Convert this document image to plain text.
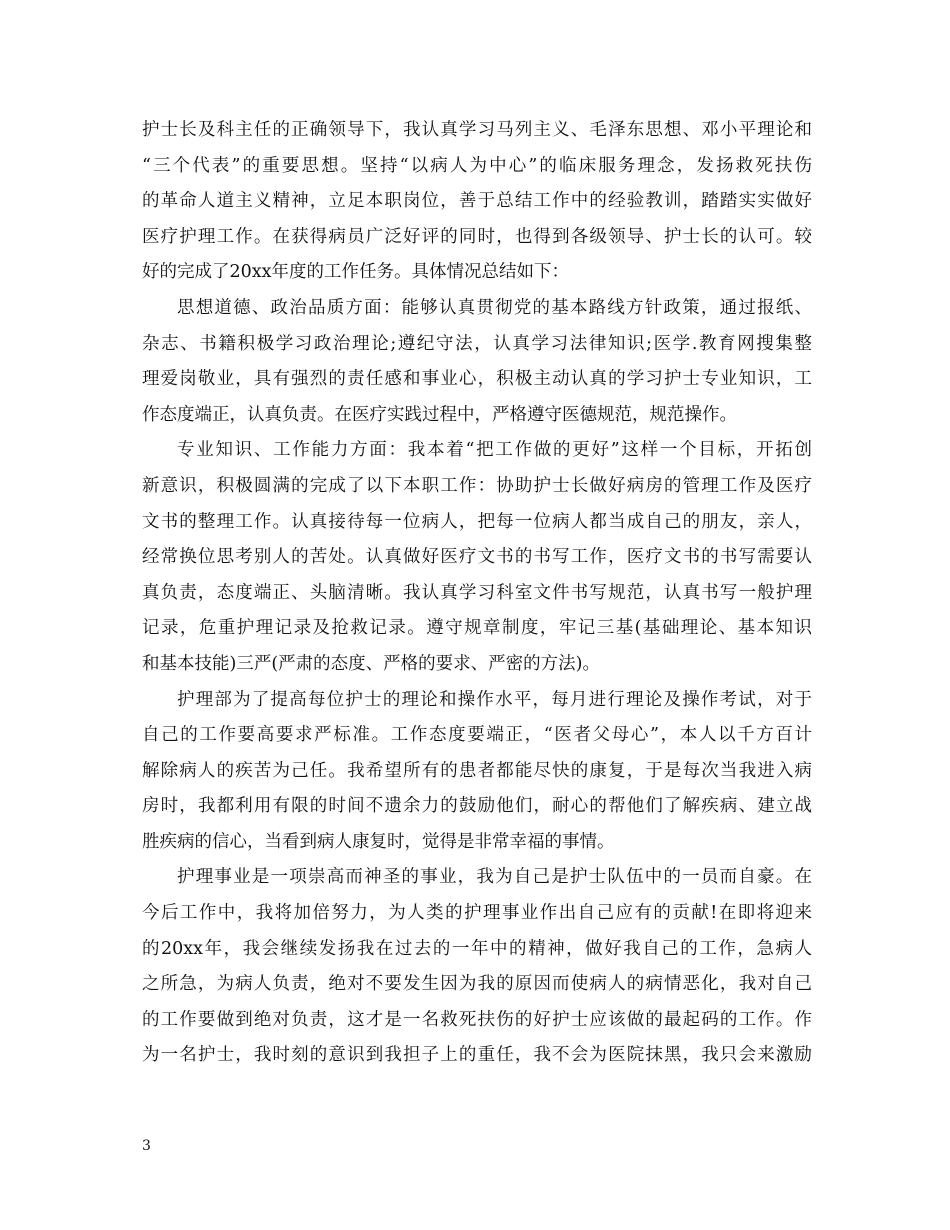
护士长及科主任的正确领导下，我认真学习马列主义、毛泽东思想、邓小平理论和
“三个代表”的重要思想。坚持“以病人为中心”的临床服务理念，发扬救死扶伤
的革命人道主义精神，立足本职岗位，善于总结工作中的经验教训，踏踏实实做好
医疗护理工作。在获得病员广泛好评的同时，也得到各级领导、护士长的认可。较
好的完成了20xx年度的工作任务。具体情况总结如下：
思想道德、政治品质方面：能够认真贯彻党的基本路线方针政策，通过报纸、
杂志、书籍积极学习政治理论;遵纪守法，认真学习法律知识;医学.教育网搜集整
理爱岗敬业，具有强烈的责任感和事业心，积极主动认真的学习护士专业知识，工
作态度端正，认真负责。在医疗实践过程中，严格遵守医德规范，规范操作。
专业知识、工作能力方面：我本着“把工作做的更好”这样一个目标，开拓创
新意识，积极圆满的完成了以下本职工作：协助护士长做好病房的管理工作及医疗
文书的整理工作。认真接待每一位病人，把每一位病人都当成自己的朋友，亲人，
经常换位思考别人的苦处。认真做好医疗文书的书写工作，医疗文书的书写需要认
真负责，态度端正、头脑清晰。我认真学习科室文件书写规范，认真书写一般护理
记录，危重护理记录及抢救记录。遵守规章制度，牢记三基(基础理论、基本知识
和基本技能)三严(严肃的态度、严格的要求、严密的方法)。
护理部为了提高每位护士的理论和操作水平，每月进行理论及操作考试，对于
自己的工作要高要求严标准。工作态度要端正，“医者父母心”，本人以千方百计
解除病人的疾苦为己任。我希望所有的患者都能尽快的康复，于是每次当我进入病
房时，我都利用有限的时间不遗余力的鼓励他们，耐心的帮他们了解疾病、建立战
胜疾病的信心，当看到病人康复时，觉得是非常幸福的事情。
护理事业是一项崇高而神圣的事业，我为自己是护士队伍中的一员而自豪。在
今后工作中，我将加倍努力，为人类的护理事业作出自己应有的贡献!在即将迎来
的20xx年，我会继续发扬我在过去的一年中的精神，做好我自己的工作，急病人
之所急，为病人负责，绝对不要发生因为我的原因而使病人的病情恶化，我对自己
的工作要做到绝对负责，这才是一名救死扶伤的好护士应该做的最起码的工作。作
为一名护士，我时刻的意识到我担子上的重任，我不会为医院抹黑，我只会来激励
3
